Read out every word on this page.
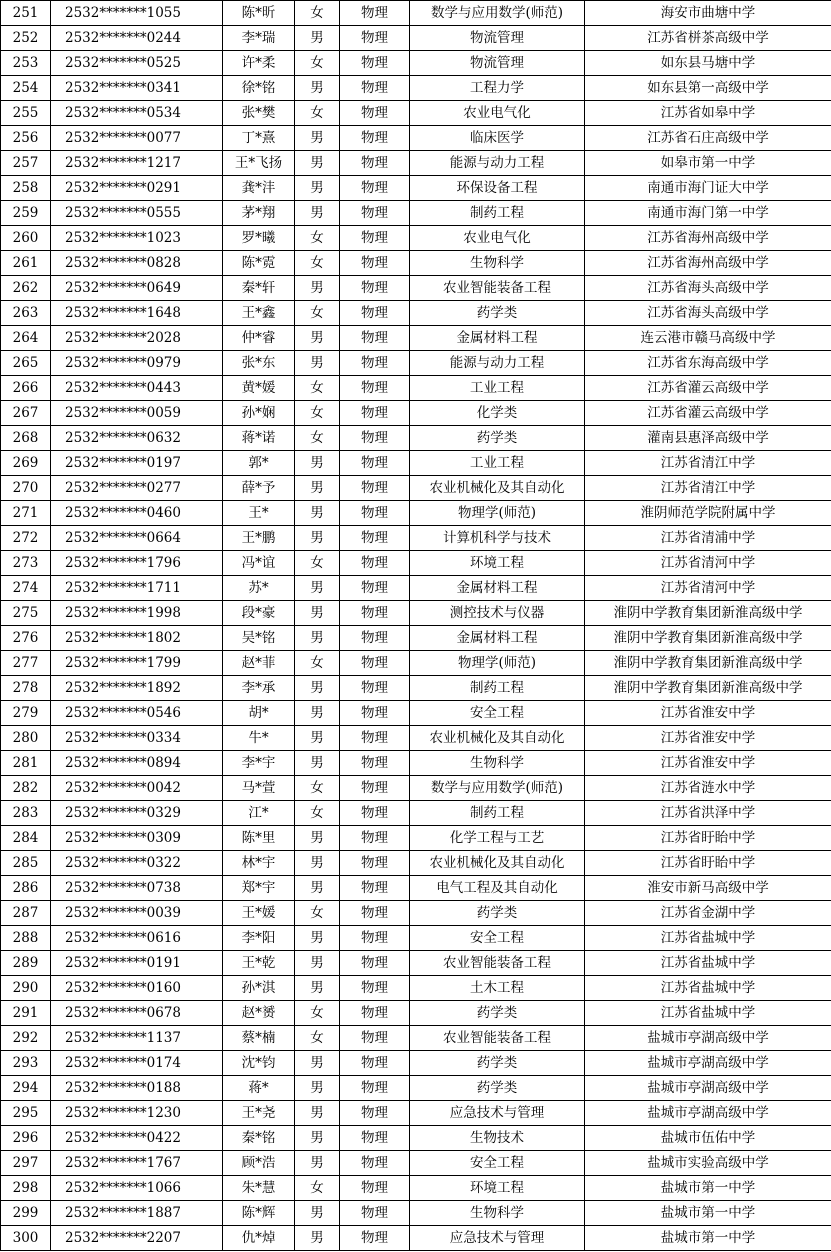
251	2532*******1055	陈*昕	女	物理	数学与应用数学(师范)	海安市曲塘中学
252	2532*******0244	李*瑞	男	物理	物流管理	江苏省栟茶高级中学
253	2532*******0525	许*柔	女	物理	物流管理	如东县马塘中学
254	2532*******0341	徐*铭	男	物理	工程力学	如东县第一高级中学
255	2532*******0534	张*樊	女	物理	农业电气化	江苏省如皋中学
256	2532*******0077	丁*熹	男	物理	临床医学	江苏省石庄高级中学
257	2532*******1217	王*飞扬	男	物理	能源与动力工程	如皋市第一中学
258	2532*******0291	龚*沣	男	物理	环保设备工程	南通市海门证大中学
259	2532*******0555	茅*翔	男	物理	制药工程	南通市海门第一中学
260	2532*******1023	罗*曦	女	物理	农业电气化	江苏省海州高级中学
261	2532*******0828	陈*霓	女	物理	生物科学	江苏省海州高级中学
262	2532*******0649	秦*轩	男	物理	农业智能装备工程	江苏省海头高级中学
263	2532*******1648	王*鑫	女	物理	药学类	江苏省海头高级中学
264	2532*******2028	仲*睿	男	物理	金属材料工程	连云港市赣马高级中学
265	2532*******0979	张*东	男	物理	能源与动力工程	江苏省东海高级中学
266	2532*******0443	黄*媛	女	物理	工业工程	江苏省灌云高级中学
267	2532*******0059	孙*娴	女	物理	化学类	江苏省灌云高级中学
268	2532*******0632	蒋*诺	女	物理	药学类	灌南县惠泽高级中学
269	2532*******0197	郭*	男	物理	工业工程	江苏省清江中学
270	2532*******0277	薛*予	男	物理	农业机械化及其自动化	江苏省清江中学
271	2532*******0460	王*	男	物理	物理学(师范)	淮阴师范学院附属中学
272	2532*******0664	王*鹏	男	物理	计算机科学与技术	江苏省清浦中学
273	2532*******1796	冯*谊	女	物理	环境工程	江苏省清河中学
274	2532*******1711	苏*	男	物理	金属材料工程	江苏省清河中学
275	2532*******1998	段*豪	男	物理	测控技术与仪器	淮阴中学教育集团新淮高级中学
276	2532*******1802	吴*铭	男	物理	金属材料工程	淮阴中学教育集团新淮高级中学
277	2532*******1799	赵*菲	女	物理	物理学(师范)	淮阴中学教育集团新淮高级中学
278	2532*******1892	李*承	男	物理	制药工程	淮阴中学教育集团新淮高级中学
279	2532*******0546	胡*	男	物理	安全工程	江苏省淮安中学
280	2532*******0334	牛*	男	物理	农业机械化及其自动化	江苏省淮安中学
281	2532*******0894	李*宇	男	物理	生物科学	江苏省淮安中学
282	2532*******0042	马*萱	女	物理	数学与应用数学(师范)	江苏省涟水中学
283	2532*******0329	江*	女	物理	制药工程	江苏省洪泽中学
284	2532*******0309	陈*里	男	物理	化学工程与工艺	江苏省盱眙中学
285	2532*******0322	林*宇	男	物理	农业机械化及其自动化	江苏省盱眙中学
286	2532*******0738	郑*宇	男	物理	电气工程及其自动化	淮安市新马高级中学
287	2532*******0039	王*媛	女	物理	药学类	江苏省金湖中学
288	2532*******0616	李*阳	男	物理	安全工程	江苏省盐城中学
289	2532*******0191	王*乾	男	物理	农业智能装备工程	江苏省盐城中学
290	2532*******0160	孙*淇	男	物理	土木工程	江苏省盐城中学
291	2532*******0678	赵*赟	女	物理	药学类	江苏省盐城中学
292	2532*******1137	蔡*楠	女	物理	农业智能装备工程	盐城市亭湖高级中学
293	2532*******0174	沈*钧	男	物理	药学类	盐城市亭湖高级中学
294	2532*******0188	蒋*	男	物理	药学类	盐城市亭湖高级中学
295	2532*******1230	王*尧	男	物理	应急技术与管理	盐城市亭湖高级中学
296	2532*******0422	秦*铭	男	物理	生物技术	盐城市伍佑中学
297	2532*******1767	顾*浩	男	物理	安全工程	盐城市实验高级中学
298	2532*******1066	朱*慧	女	物理	环境工程	盐城市第一中学
299	2532*******1887	陈*辉	男	物理	生物科学	盐城市第一中学
300	2532*******2207	仇*焯	男	物理	应急技术与管理	盐城市第一中学
